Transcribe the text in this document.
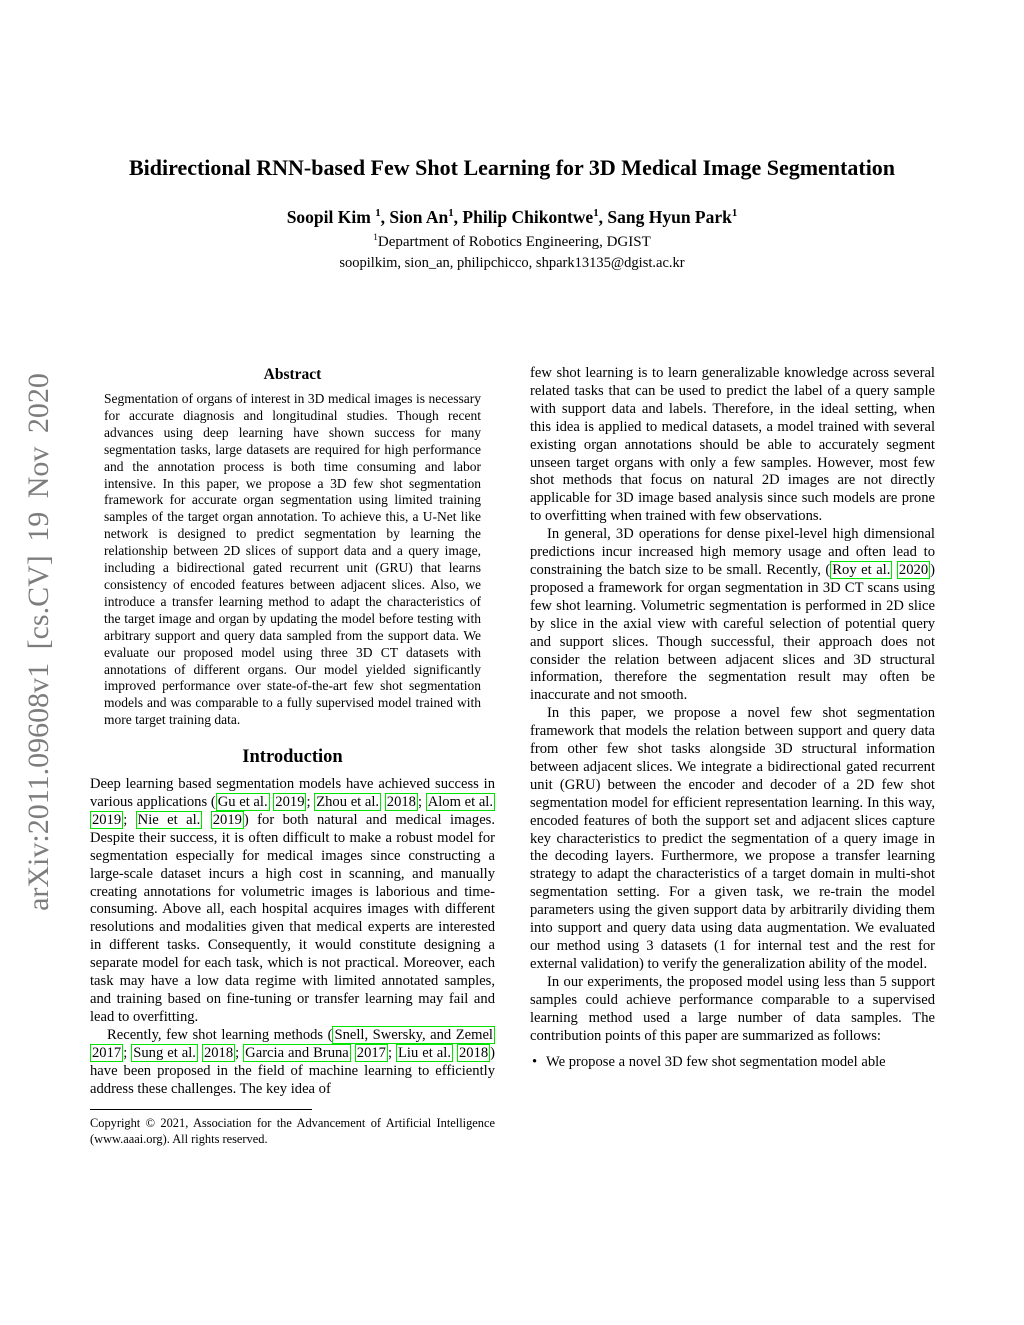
arXiv:2011.09608v1 [cs.CV] 19 Nov 2020
Bidirectional RNN-based Few Shot Learning for 3D Medical Image Segmentation
Soopil Kim $^1$, Sion An$^1$, Philip Chikontwe$^1$, Sang Hyun Park$^1$
$^1$Department of Robotics Engineering, DGIST
soopilkim, sion_an, philipchicco, shpark13135@dgist.ac.kr
Abstract

Segmentation of organs of interest in 3D medical images is necessary for accurate diagnosis and longitudinal studies. Though recent advances using deep learning have shown success for many segmentation tasks, large datasets are required for high performance and the annotation process is both time consuming and labor intensive. In this paper, we propose a 3D few shot segmentation framework for accurate organ segmentation using limited training samples of the target organ annotation. To achieve this, a U-Net like network is designed to predict segmentation by learning the relationship between 2D slices of support data and a query image, including a bidirectional gated recurrent unit (GRU) that learns consistency of encoded features between adjacent slices. Also, we introduce a transfer learning method to adapt the characteristics of the target image and organ by updating the model before testing with arbitrary support and query data sampled from the support data. We evaluate our proposed model using three 3D CT datasets with annotations of different organs. Our model yielded significantly improved performance over state-of-the-art few shot segmentation models and was comparable to a fully supervised model trained with more target training data.

Introduction

Deep learning based segmentation models have achieved success in various applications ( Gu et al. 2019 ; Zhou et al. 2018 ; Alom et al. 2019 ; Nie et al. 2019 ) for both natural and medical images. Despite their success, it is often difficult to make a robust model for segmentation especially for medical images since constructing a large-scale dataset incurs a high cost in scanning, and manually creating annotations for volumetric images is laborious and time-consuming. Above all, each hospital acquires images with different resolutions and modalities given that medical experts are interested in different tasks. Consequently, it would constitute designing a separate model for each task, which is not practical. Moreover, each task may have a low data regime with limited annotated samples, and training based on fine-tuning or transfer learning may fail and lead to overfitting.

Recently, few shot learning methods ( Snell, Swersky, and Zemel 2017 ; Sung et al. 2018 ; Garcia and Bruna 2017 ; Liu et al. 2018 ) have been proposed in the field of machine learning to efficiently address these challenges. The key idea of

Copyright © 2021, Association for the Advancement of Artificial Intelligence (www.aaai.org). All rights reserved.

few shot learning is to learn generalizable knowledge across several related tasks that can be used to predict the label of a query sample with support data and labels. Therefore, in the ideal setting, when this idea is applied to medical datasets, a model trained with several existing organ annotations should be able to accurately segment unseen target organs with only a few samples. However, most few shot methods that focus on natural 2D images are not directly applicable for 3D image based analysis since such models are prone to overfitting when trained with few observations.

In general, 3D operations for dense pixel-level high dimensional predictions incur increased high memory usage and often lead to constraining the batch size to be small. Recently, ( Roy et al. 2020 ) proposed a framework for organ segmentation in 3D CT scans using few shot learning. Volumetric segmentation is performed in 2D slice by slice in the axial view with careful selection of potential query and support slices. Though successful, their approach does not consider the relation between adjacent slices and 3D structural information, therefore the segmentation result may often be inaccurate and not smooth.

In this paper, we propose a novel few shot segmentation framework that models the relation between support and query data from other few shot tasks alongside 3D structural information between adjacent slices. We integrate a bidirectional gated recurrent unit (GRU) between the encoder and decoder of a 2D few shot segmentation model for efficient representation learning. In this way, encoded features of both the support set and adjacent slices capture key characteristics to predict the segmentation of a query image in the decoding layers. Furthermore, we propose a transfer learning strategy to adapt the characteristics of a target domain in multi-shot segmentation setting. For a given task, we re-train the model parameters using the given support data by arbitrarily dividing them into support and query data using data augmentation. We evaluated our method using 3 datasets (1 for internal test and the rest for external validation) to verify the generalization ability of the model.

In our experiments, the proposed model using less than 5 support samples could achieve performance comparable to a supervised learning method used a large number of data samples. The contribution points of this paper are summarized as follows:

• We propose a novel 3D few shot segmentation model able
